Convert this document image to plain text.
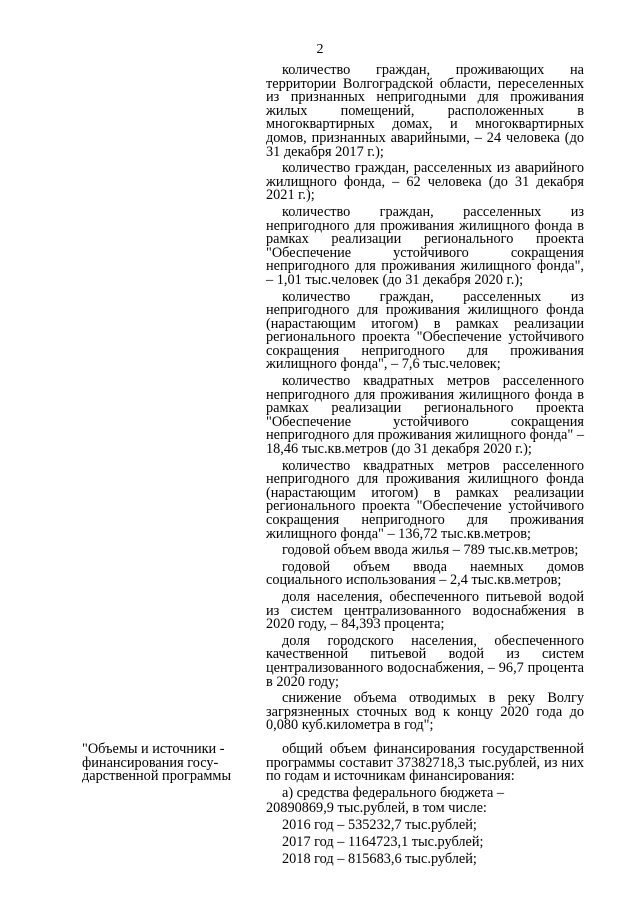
2

количество граждан, проживающих на территории Волгоградской области, переселенных из признанных непригодными для проживания жилых помещений, расположенных в многоквартирных домах, и многоквартирных домов, признанных аварийными, – 24 человека (до 31 декабря 2017 г.);

количество граждан, расселенных из аварийного жилищного фонда, – 62 человека (до 31 декабря 2021 г.);

количество граждан, расселенных из непригодного для проживания жилищного фонда в рамках реализации регионального проекта "Обеспечение устойчивого сокращения непригодного для проживания жилищного фонда", – 1,01 тыс.человек (до 31 декабря 2020 г.);

количество граждан, расселенных из непригодного для проживания жилищного фонда (нарастающим итогом) в рамках реализации регионального проекта "Обеспечение устойчивого сокращения непригодного для проживания жилищного фонда", – 7,6 тыс.человек;

количество квадратных метров расселенного непригодного для проживания жилищного фонда в рамках реализации регионального проекта "Обеспечение устойчивого сокращения непригодного для проживания жилищного фонда" – 18,46 тыс.кв.метров (до 31 декабря 2020 г.);

количество квадратных метров расселенного непригодного для проживания жилищного фонда (нарастающим итогом) в рамках реализации регионального проекта "Обеспечение устойчивого сокращения непригодного для проживания жилищного фонда" – 136,72 тыс.кв.метров;

годовой объем ввода жилья – 789 тыс.кв.метров;

годовой объем ввода наемных домов социального использования – 2,4 тыс.кв.метров;

доля населения, обеспеченного питьевой водой из систем централизованного водоснабжения в 2020 году, – 84,393 процента;

доля городского населения, обеспеченного качественной питьевой водой из систем централизованного водоснабжения, – 96,7 процента в 2020 году;

снижение объема отводимых в реку Волгу загрязненных сточных вод к концу 2020 года до 0,080 куб.километра в год";

"Объемы и источники -
финансирования госу-
дарственной программы

общий объем финансирования государственной программы составит 37382718,3 тыс.рублей, из них по годам и источникам финансирования:

а) средства федерального бюджета –

20890869,9 тыс.рублей, в том числе:
2016 год – 535232,7 тыс.рублей;
2017 год – 1164723,1 тыс.рублей;
2018 год – 815683,6 тыс.рублей;
